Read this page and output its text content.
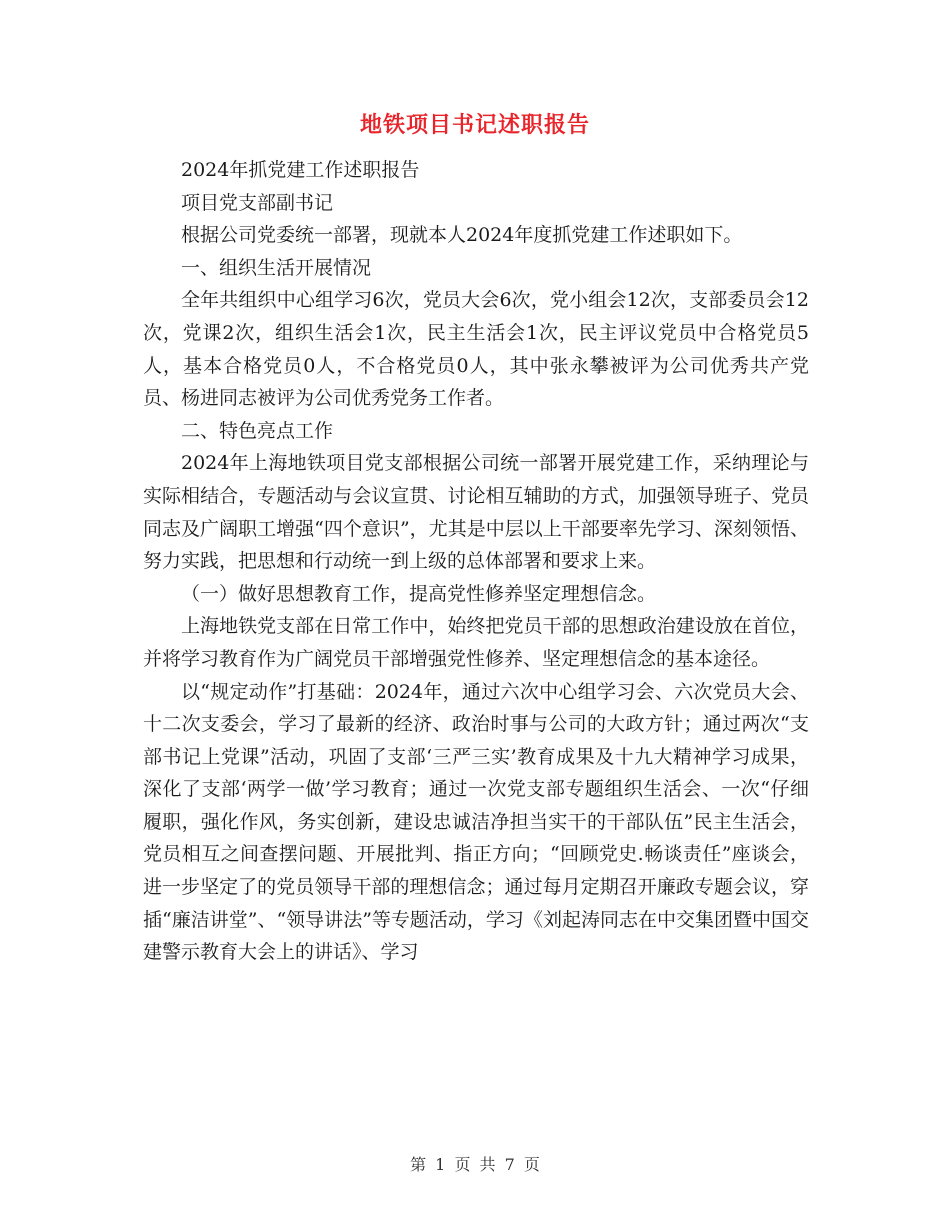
地铁项目书记述职报告

2024年抓党建工作述职报告

项目党支部副书记

根据公司党委统一部署，现就本人2024年度抓党建工作述职如下。

一、组织生活开展情况

全年共组织中心组学习6次，党员大会6次，党小组会12次，支部委员会12次，党课2次，组织生活会1次，民主生活会1次，民主评议党员中合格党员5人，基本合格党员0人，不合格党员0人，其中张永攀被评为公司优秀共产党员、杨进同志被评为公司优秀党务工作者。

二、特色亮点工作

2024年上海地铁项目党支部根据公司统一部署开展党建工作，采纳理论与实际相结合，专题活动与会议宣贯、讨论相互辅助的方式，加强领导班子、党员同志及广阔职工增强“四个意识”，尤其是中层以上干部要率先学习、深刻领悟、努力实践，把思想和行动统一到上级的总体部署和要求上来。

（一）做好思想教育工作，提高党性修养坚定理想信念。

上海地铁党支部在日常工作中，始终把党员干部的思想政治建设放在首位，并将学习教育作为广阔党员干部增强党性修养、坚定理想信念的基本途径。

以“规定动作”打基础：2024年，通过六次中心组学习会、六次党员大会、十二次支委会，学习了最新的经济、政治时事与公司的大政方针；通过两次“支部书记上党课”活动，巩固了支部‘三严三实’教育成果及十九大精神学习成果，深化了支部‘两学一做’学习教育；通过一次党支部专题组织生活会、一次“仔细履职，强化作风，务实创新，建设忠诚洁净担当实干的干部队伍”民主生活会，党员相互之间查摆问题、开展批判、指正方向；“回顾党史.畅谈责任”座谈会，进一步坚定了的党员领导干部的理想信念；通过每月定期召开廉政专题会议，穿插“廉洁讲堂”、“领导讲法”等专题活动，学习《刘起涛同志在中交集团暨中国交建警示教育大会上的讲话》、学习

第 1 页 共 7 页
